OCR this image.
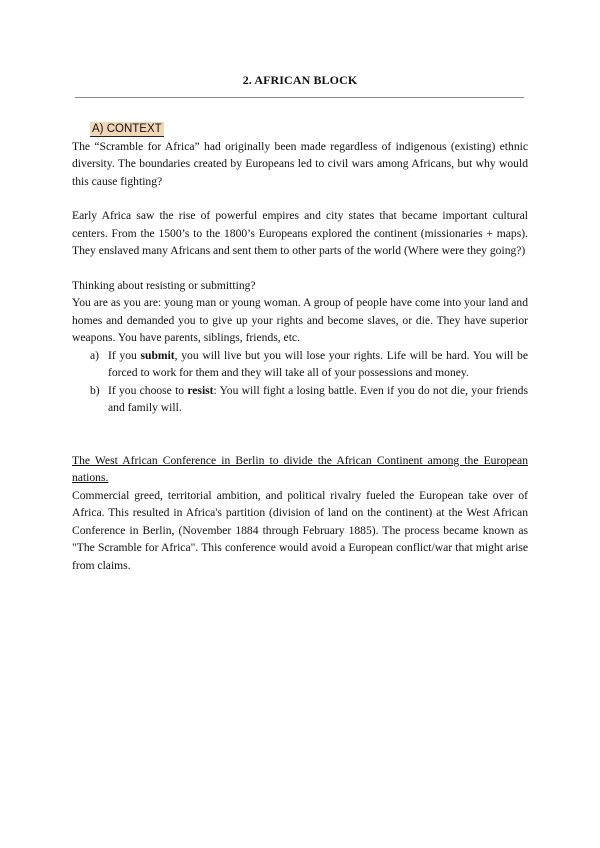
2. AFRICAN BLOCK
A) CONTEXT

The “Scramble for Africa” had originally been made regardless of indigenous (existing) ethnic diversity. The boundaries created by Europeans led to civil wars among Africans, but why would this cause fighting?

Early Africa saw the rise of powerful empires and city states that became important cultural centers. From the 1500’s to the 1800’s Europeans explored the continent (missionaries + maps). They enslaved many Africans and sent them to other parts of the world (Where were they going?)

Thinking about resisting or submitting?

You are as you are: young man or young woman. A group of people have come into your land and homes and demanded you to give up your rights and become slaves, or die. They have superior weapons. You have parents, siblings, friends, etc.

a) If you submit, you will live but you will lose your rights. Life will be hard. You will be forced to work for them and they will take all of your possessions and money.
b) If you choose to resist: You will fight a losing battle. Even if you do not die, your friends and family will.

The West African Conference in Berlin to divide the African Continent among the European nations.

Commercial greed, territorial ambition, and political rivalry fueled the European take over of Africa. This resulted in Africa's partition (division of land on the continent) at the West African Conference in Berlin, (November 1884 through February 1885). The process became known as "The Scramble for Africa". This conference would avoid a European conflict/war that might arise from claims.
